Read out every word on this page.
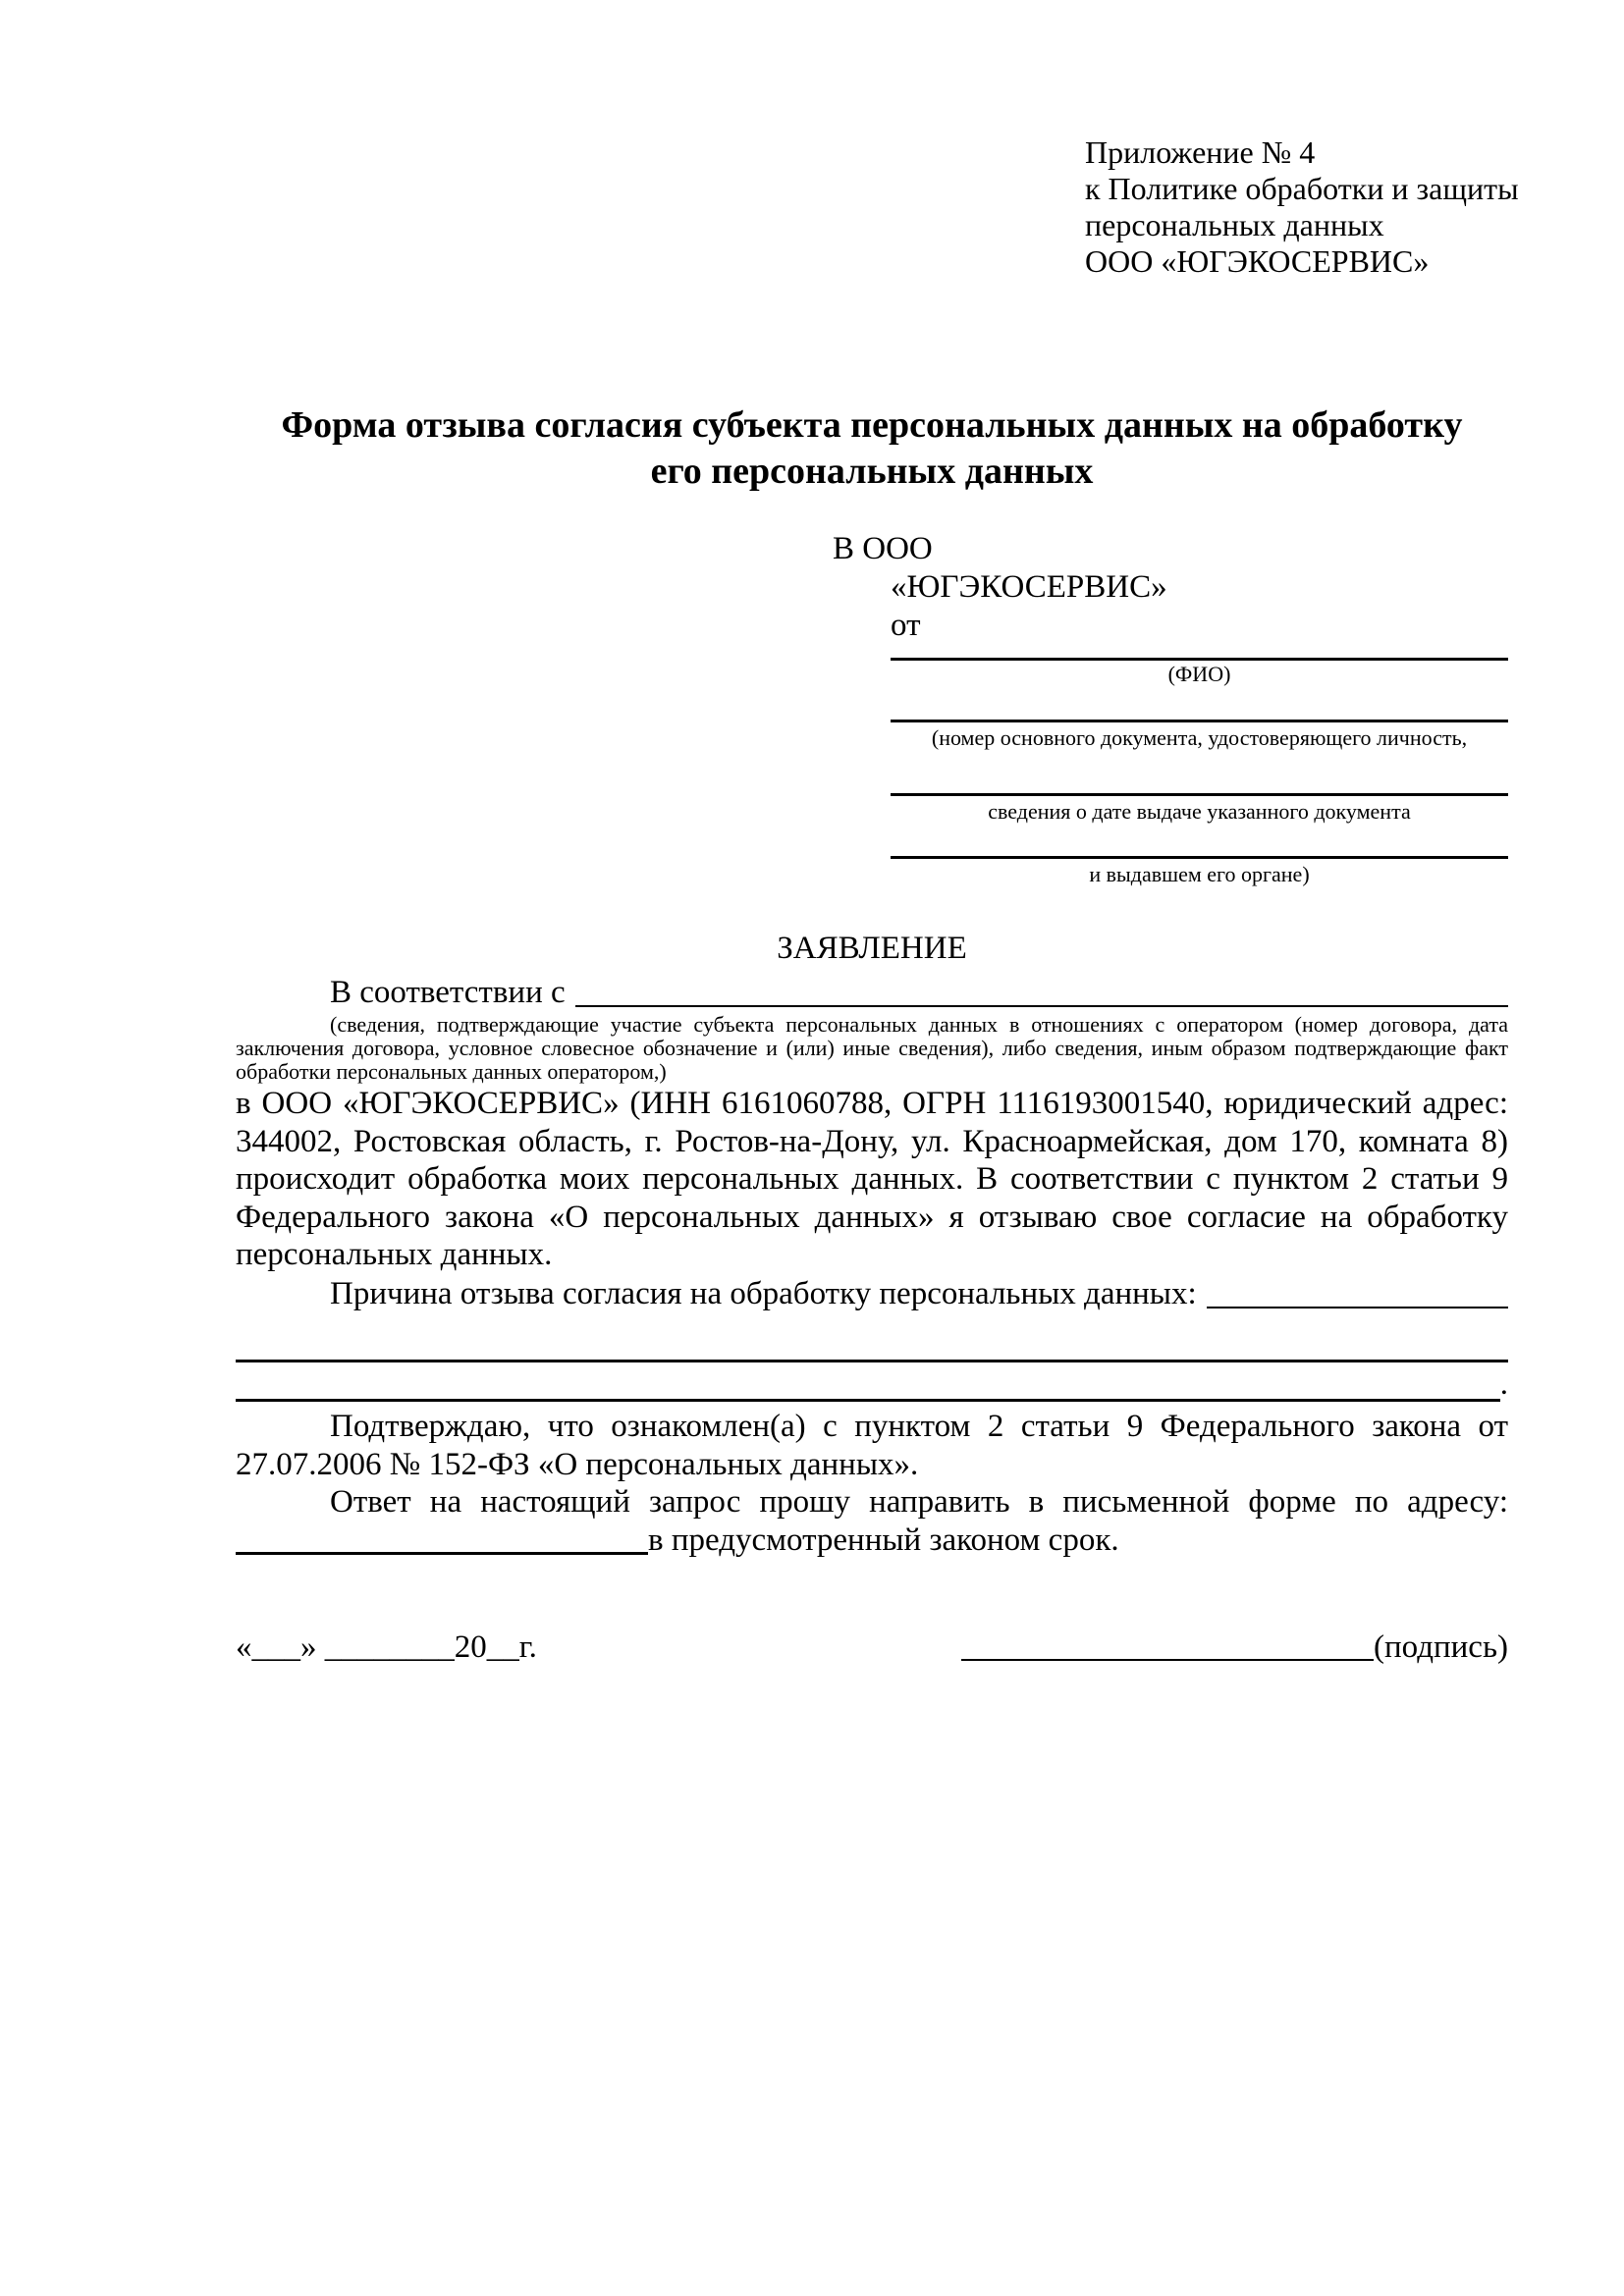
Приложение № 4
к Политике обработки и защиты
персональных данных
ООО «ЮГЭКОСЕРВИС»
Форма отзыва согласия субъекта персональных данных на обработку
его персональных данных
В ООО
«ЮГЭКОСЕРВИС»
от
(ФИО)
(номер основного документа, удостоверяющего личность,
сведения о дате выдаче указанного документа
и выдавшем его органе)
ЗАЯВЛЕНИЕ
В соответствии с
(сведения, подтверждающие участие субъекта персональных данных в отношениях с оператором (номер договора, дата заключения договора, условное словесное обозначение и (или) иные сведения), либо сведения, иным образом подтверждающие факт обработки персональных данных оператором,)
в ООО «ЮГЭКОСЕРВИС» (ИНН 6161060788, ОГРН 1116193001540, юридический адрес: 344002, Ростовская область, г. Ростов-на-Дону, ул. Красноармейская, дом 170, комната 8) происходит обработка моих персональных данных. В соответствии с пунктом 2 статьи 9 Федерального закона «О персональных данных» я отзываю свое согласие на обработку персональных данных.
Причина отзыва согласия на обработку персональных данных:
.
Подтверждаю, что ознакомлен(а) с пунктом 2 статьи 9 Федерального закона от 27.07.2006 № 152-ФЗ «О персональных данных».
Ответ на настоящий запрос прошу направить в письменной форме по адресу:
в предусмотренный законом срок.
«___» ________20__г.	(подпись)
